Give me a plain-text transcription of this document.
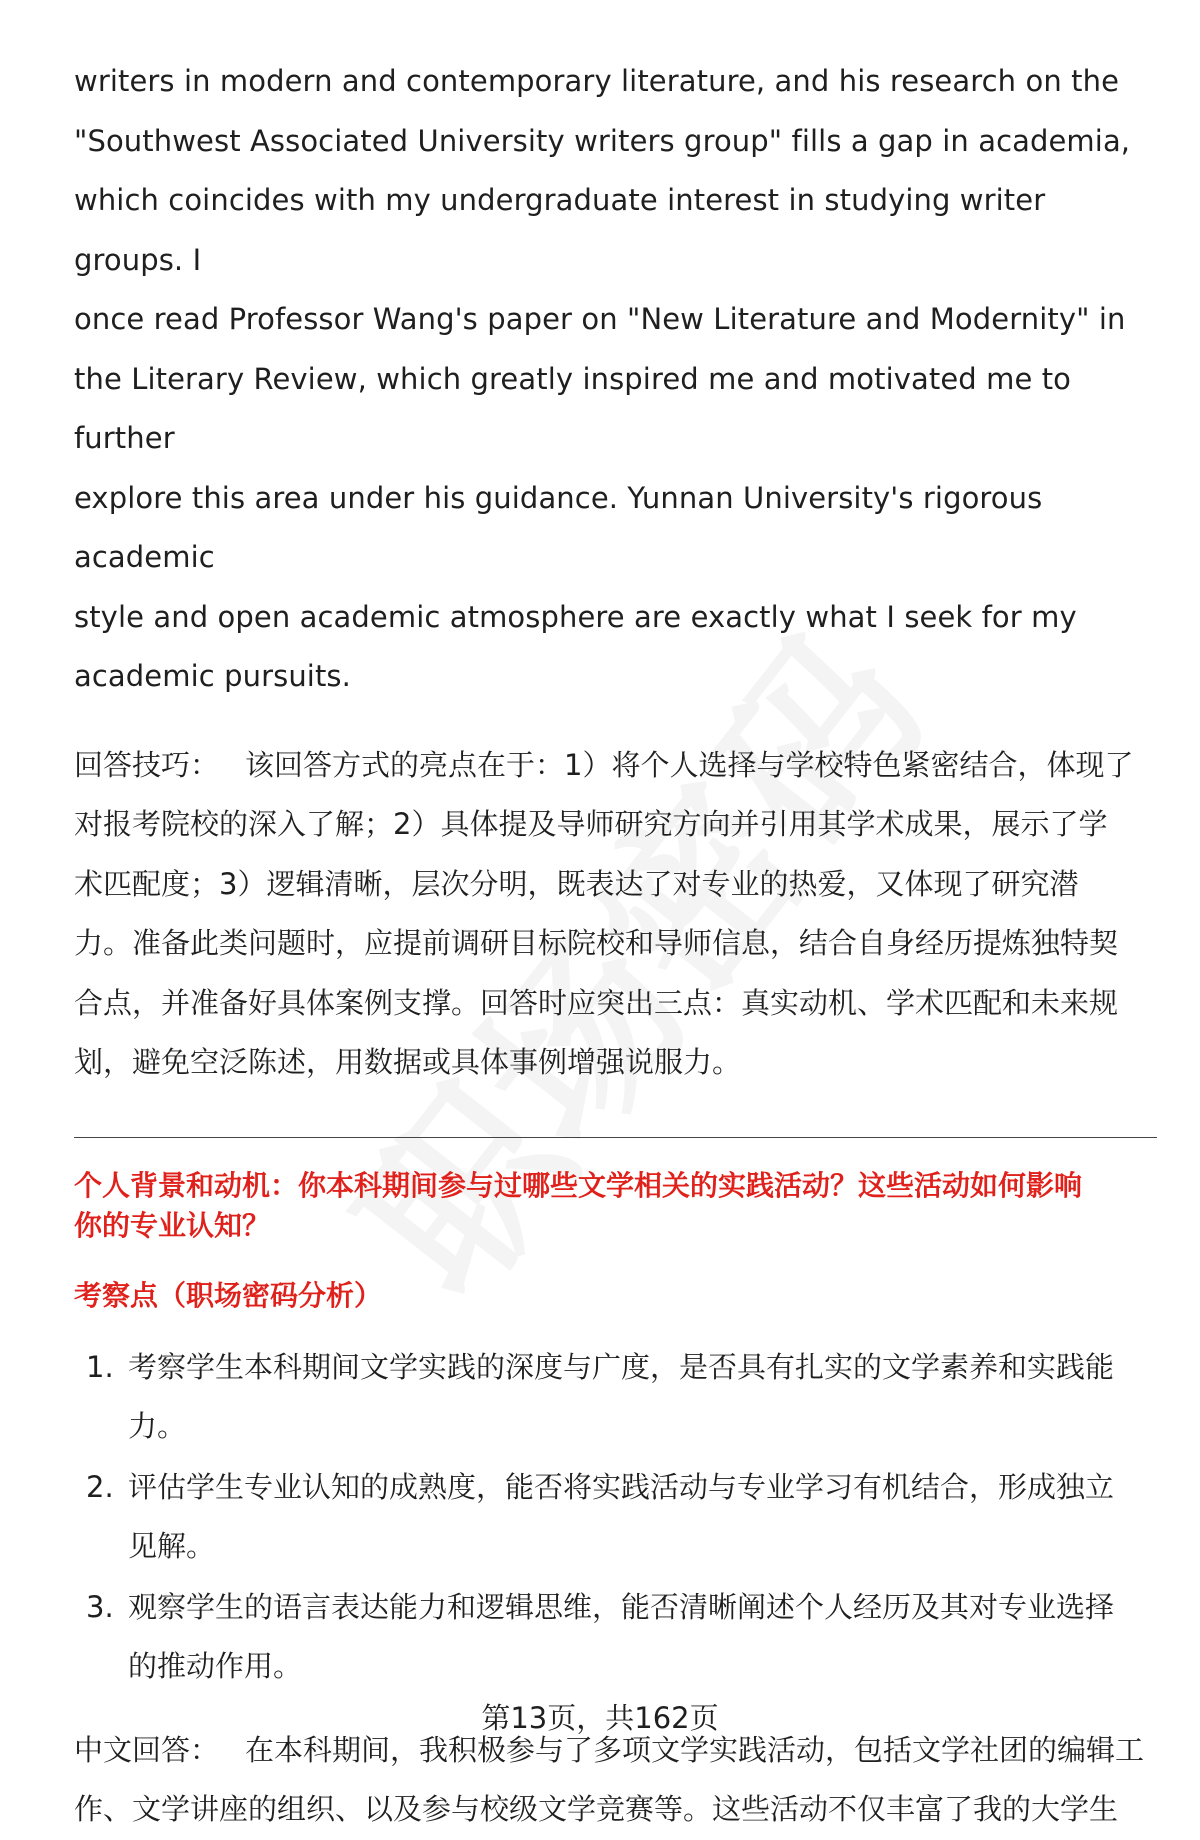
writers in modern and contemporary literature, and his research on the
"Southwest Associated University writers group" fills a gap in academia,
which coincides with my undergraduate interest in studying writer groups. I
once read Professor Wang's paper on "New Literature and Modernity" in
the Literary Review, which greatly inspired me and motivated me to further
explore this area under his guidance. Yunnan University's rigorous academic
style and open academic atmosphere are exactly what I seek for my
academic pursuits.

回答技巧： 该回答方式的亮点在于：1）将个人选择与学校特色紧密结合，体现了
对报考院校的深入了解；2）具体提及导师研究方向并引用其学术成果，展示了学
术匹配度；3）逻辑清晰，层次分明，既表达了对专业的热爱，又体现了研究潜
力。准备此类问题时，应提前调研目标院校和导师信息，结合自身经历提炼独特契
合点，并准备好具体案例支撑。回答时应突出三点：真实动机、学术匹配和未来规
划，避免空泛陈述，用数据或具体事例增强说服力。

个人背景和动机：你本科期间参与过哪些文学相关的实践活动？这些活动如何影响
你的专业认知？

考察点（职场密码分析）

1. 考察学生本科期间文学实践的深度与广度，是否具有扎实的文学素养和实践能
力。
2. 评估学生专业认知的成熟度，能否将实践活动与专业学习有机结合，形成独立
见解。
3. 观察学生的语言表达能力和逻辑思维，能否清晰阐述个人经历及其对专业选择
的推动作用。

中文回答： 在本科期间，我积极参与了多项文学实践活动，包括文学社团的编辑工
作、文学讲座的组织、以及参与校级文学竞赛等。这些活动不仅丰富了我的大学生

第13页，共162页
